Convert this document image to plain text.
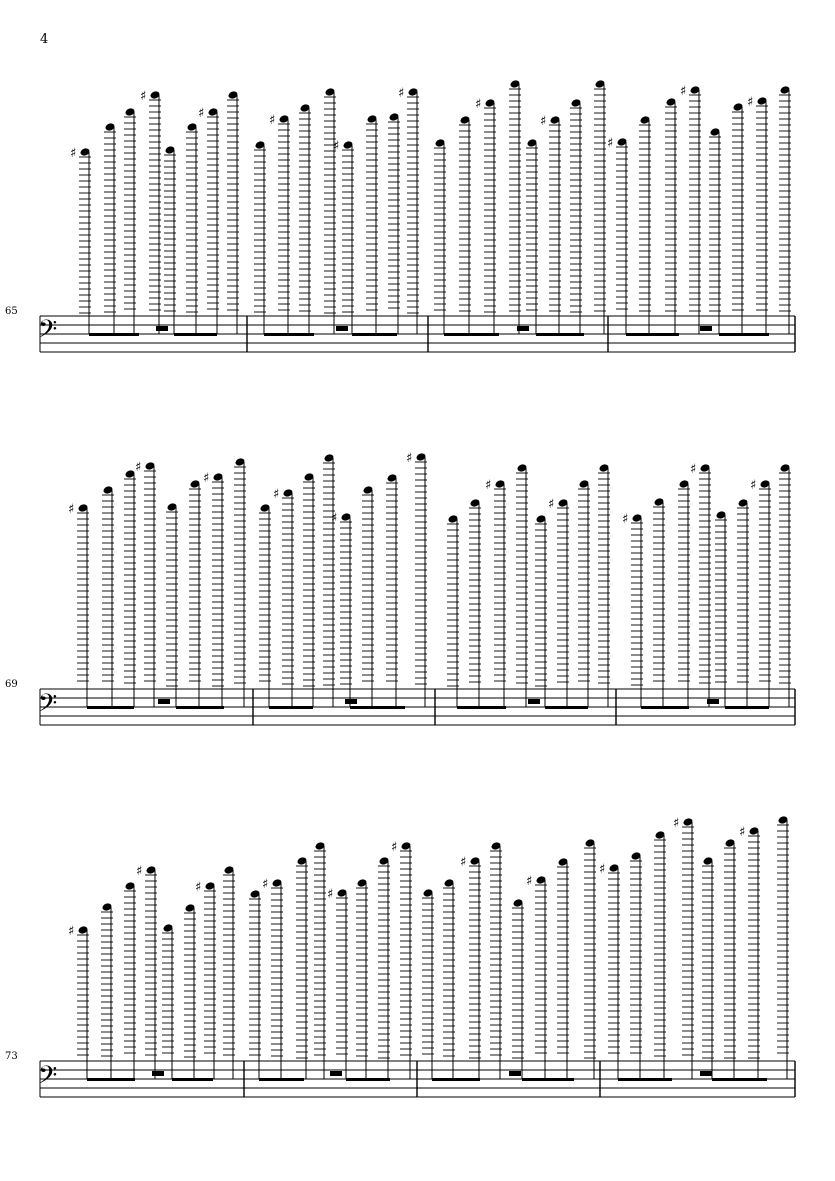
4
65
𝄢
69
𝄢
73
𝄢
♯
♯
♯	♯
♯
♯
♯
♯
♯
♯
♯
♯
♯
♯
♯
♯
♯
♯
♯
♯
♯
♯
♯
♯
♯	♯
♯
♯
♯
♯
♯
♯
♯
